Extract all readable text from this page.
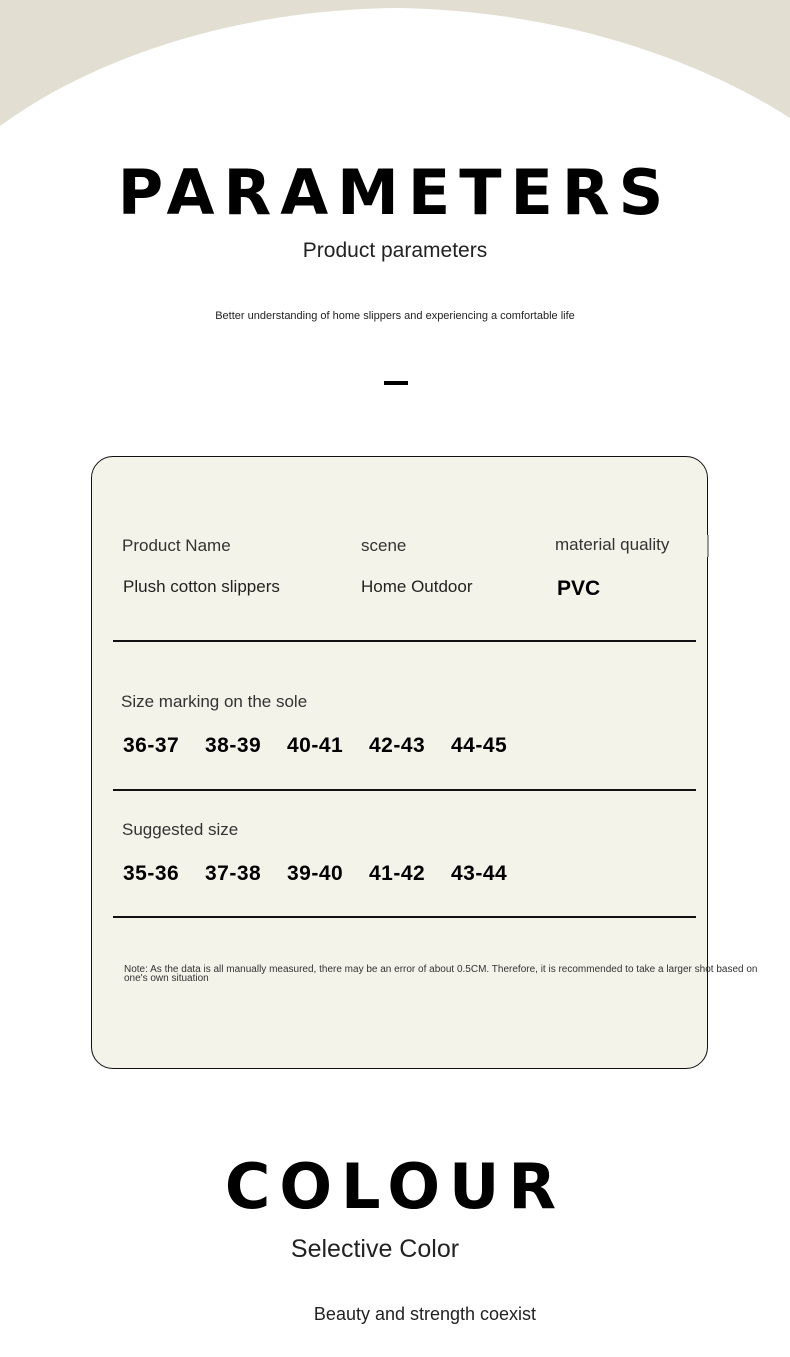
PARAMETERS
Product parameters
Better understanding of home slippers and experiencing a comfortable life
Product Name
Plush cotton slippers
scene
Home Outdoor
material quality
PVC
Size marking on the sole
36-37 38-39 40-41 42-43 44-45
Suggested size
35-36 37-38 39-40 41-42 43-44
Note: As the data is all manually measured, there may be an error of about 0.5CM. Therefore, it is recommended to take a larger shot based on one's own situation
COLOUR
Selective Color
Beauty and strength coexist
